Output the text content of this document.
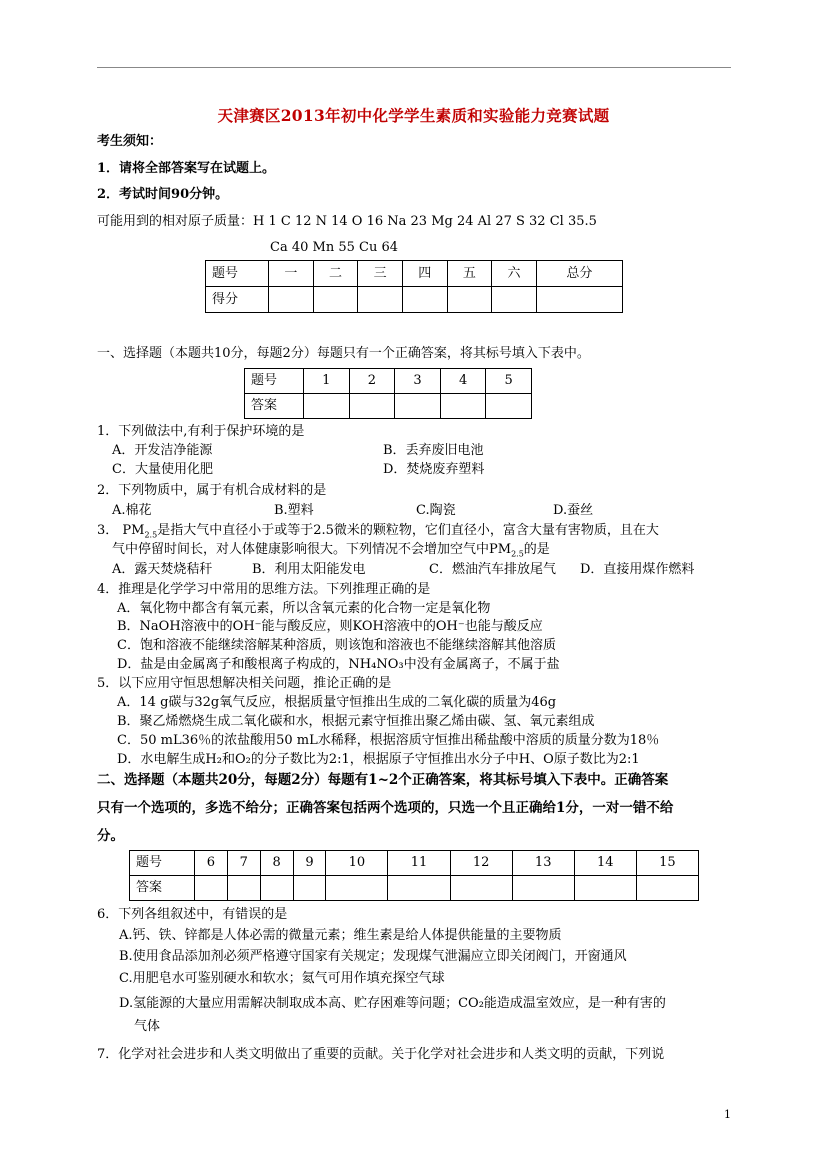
天津赛区2013年初中化学学生素质和实验能力竞赛试题
考生须知：
1．请将全部答案写在试题上。
2．考试时间90分钟。
可能用到的相对原子质量：H 1 C 12 N 14 O 16 Na 23 Mg 24 Al 27 S 32 Cl 35.5
Ca 40 Mn 55 Cu 64
题号	一	二	三	四	五	六	总分
得分							
一、选择题（本题共10分，每题2分）每题只有一个正确答案，将其标号填入下表中。
题号	1	2	3	4	5
答案					
1．下列做法中,有利于保护环境的是
A．开发洁净能源	B．丢弃废旧电池
C．大量使用化肥	D．焚烧废弃塑料
2．下列物质中，属于有机合成材料的是
A.棉花	B.塑料	C.陶瓷	D.蚕丝
3． $PM_{2.5}$是指大气中直径小于或等于2.5微米的颗粒物，它们直径小，富含大量有害物质，且在大
气中停留时间长，对人体健康影响很大。下列情况不会增加空气中$PM_{2.5}$的是
A．露天焚烧秸秆	B．利用太阳能发电	C．燃油汽车排放尾气 D．直接用煤作燃料
4．推理是化学学习中常用的思维方法。下列推理正确的是
A．氧化物中都含有氧元素，所以含氧元素的化合物一定是氧化物
B．NaOH溶液中的OH⁻能与酸反应，则KOH溶液中的OH⁻也能与酸反应
C．饱和溶液不能继续溶解某种溶质，则该饱和溶液也不能继续溶解其他溶质
D．盐是由金属离子和酸根离子构成的，NH₄NO₃中没有金属离子，不属于盐
5．以下应用守恒思想解决相关问题，推论正确的是
A．14 g碳与32g氧气反应，根据质量守恒推出生成的二氧化碳的质量为46g
B．聚乙烯燃烧生成二氧化碳和水，根据元素守恒推出聚乙烯由碳、氢、氧元素组成
C．50 mL36％的浓盐酸用50 mL水稀释，根据溶质守恒推出稀盐酸中溶质的质量分数为18％
D．水电解生成H₂和O₂的分子数比为2:1，根据原子守恒推出水分子中H、O原子数比为2:1
二、选择题（本题共20分，每题2分）每题有1~2个正确答案，将其标号填入下表中。正确答案
只有一个选项的，多选不给分；正确答案包括两个选项的，只选一个且正确给1分，一对一错不给
分。
题号	6	7	8	9	10	11	12	13	14	15
答案										
6．下列各组叙述中，有错误的是
A.钙、铁、锌都是人体必需的微量元素；维生素是给人体提供能量的主要物质
B.使用食品添加剂必须严格遵守国家有关规定；发现煤气泄漏应立即关闭阀门，开窗通风
C.用肥皂水可鉴别硬水和软水；氦气可用作填充探空气球
D.氢能源的大量应用需解决制取成本高、贮存困难等问题；CO₂能造成温室效应，是一种有害的
气体
7．化学对社会进步和人类文明做出了重要的贡献。关于化学对社会进步和人类文明的贡献，下列说
1
